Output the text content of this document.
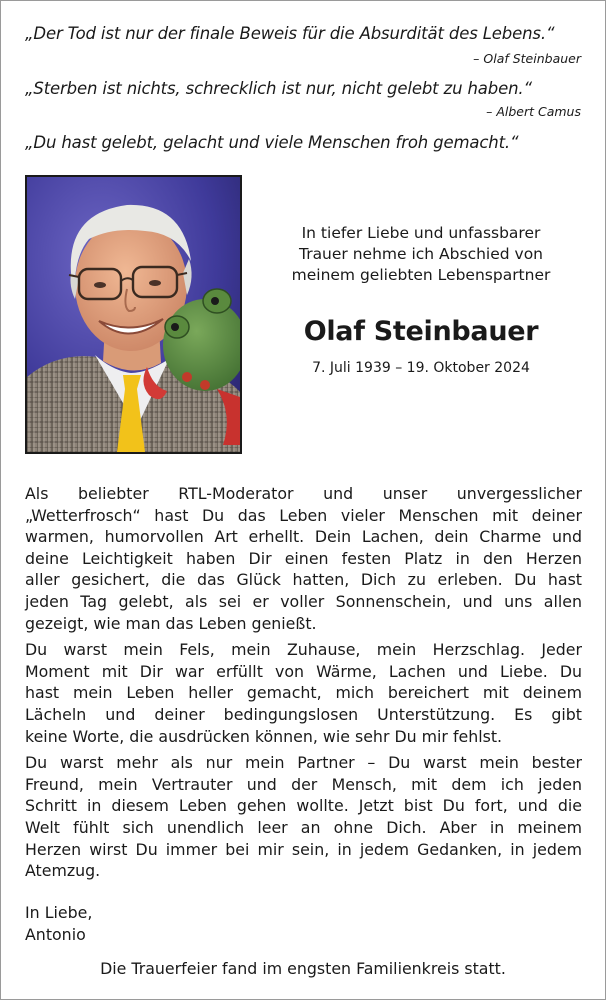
„Der Tod ist nur der finale Beweis für die Absurdität des Lebens.“
– Olaf Steinbauer
„Sterben ist nichts, schrecklich ist nur, nicht gelebt zu haben.“
– Albert Camus
„Du hast gelebt, gelacht und viele Menschen froh gemacht.“
In tiefer Liebe und unfassbarer
Trauer nehme ich Abschied von
meinem geliebten Lebenspartner
Olaf Steinbauer
7. Juli 1939 – 19. Oktober 2024
Als beliebter RTL-Moderator und unser unvergesslicher
„Wetterfrosch“ hast Du das Leben vieler Menschen mit deiner
warmen, humorvollen Art erhellt. Dein Lachen, dein Charme und
deine Leichtigkeit haben Dir einen festen Platz in den Herzen
aller gesichert, die das Glück hatten, Dich zu erleben. Du hast
jeden Tag gelebt, als sei er voller Sonnenschein, und uns allen
gezeigt, wie man das Leben genießt.
Du warst mein Fels, mein Zuhause, mein Herzschlag. Jeder
Moment mit Dir war erfüllt von Wärme, Lachen und Liebe. Du
hast mein Leben heller gemacht, mich bereichert mit deinem
Lächeln und deiner bedingungslosen Unterstützung. Es gibt
keine Worte, die ausdrücken können, wie sehr Du mir fehlst.
Du warst mehr als nur mein Partner – Du warst mein bester
Freund, mein Vertrauter und der Mensch, mit dem ich jeden
Schritt in diesem Leben gehen wollte. Jetzt bist Du fort, und die
Welt fühlt sich unendlich leer an ohne Dich. Aber in meinem
Herzen wirst Du immer bei mir sein, in jedem Gedanken, in jedem
Atemzug.
In Liebe,
Antonio
Die Trauerfeier fand im engsten Familienkreis statt.
